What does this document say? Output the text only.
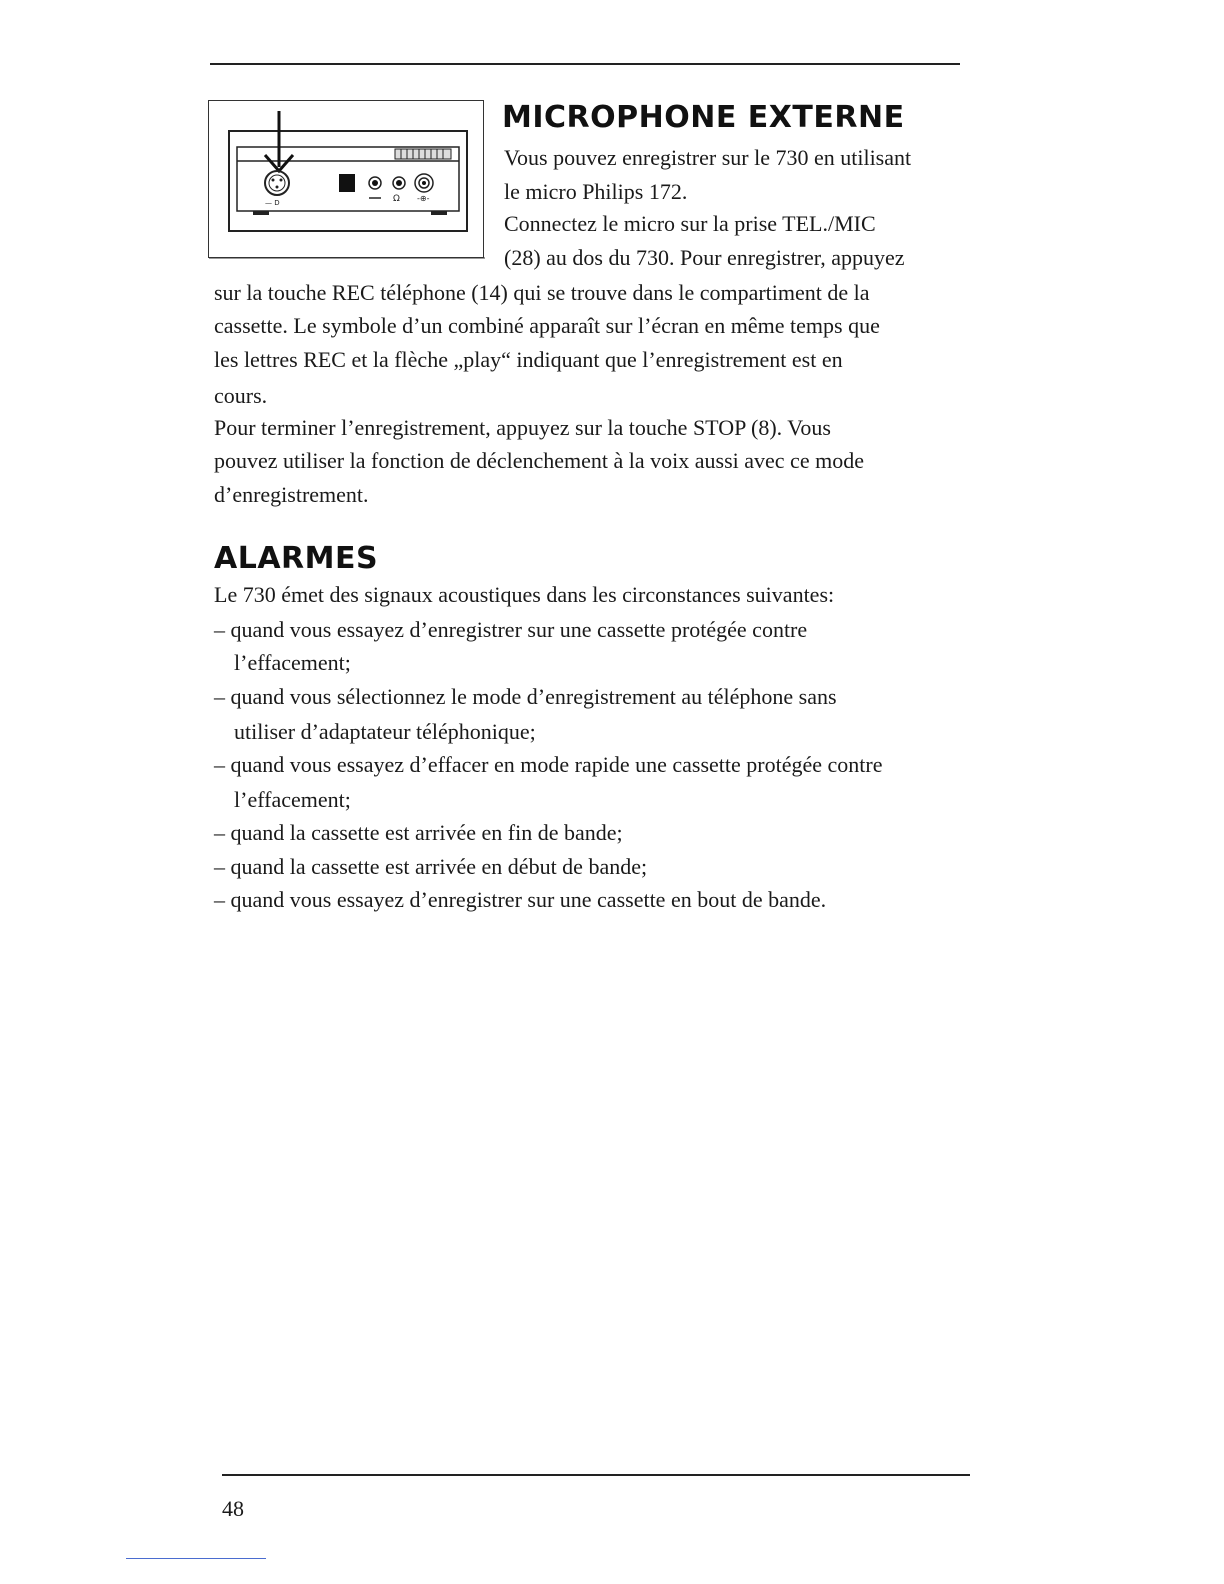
— D	Ω -⊕-
MICROPHONE EXTERNE
Vous pouvez enregistrer sur le 730 en utilisant
le micro Philips 172.
Connectez le micro sur la prise TEL./MIC
(28) au dos du 730. Pour enregistrer, appuyez
sur la touche REC téléphone (14) qui se trouve dans le compartiment de la
cassette. Le symbole d’un combiné apparaît sur l’écran en même temps que
les lettres REC et la flèche „play“ indiquant que l’enregistrement est en
cours.
Pour terminer l’enregistrement, appuyez sur la touche STOP (8). Vous
pouvez utiliser la fonction de déclenchement à la voix aussi avec ce mode
d’enregistrement.
ALARMES
Le 730 émet des signaux acoustiques dans les circonstances suivantes:
– quand vous essayez d’enregistrer sur une cassette protégée contre
l’effacement;
– quand vous sélectionnez le mode d’enregistrement au téléphone sans
utiliser d’adaptateur téléphonique;
– quand vous essayez d’effacer en mode rapide une cassette protégée contre
l’effacement;
– quand la cassette est arrivée en fin de bande;
– quand la cassette est arrivée en début de bande;
– quand vous essayez d’enregistrer sur une cassette en bout de bande.
48
